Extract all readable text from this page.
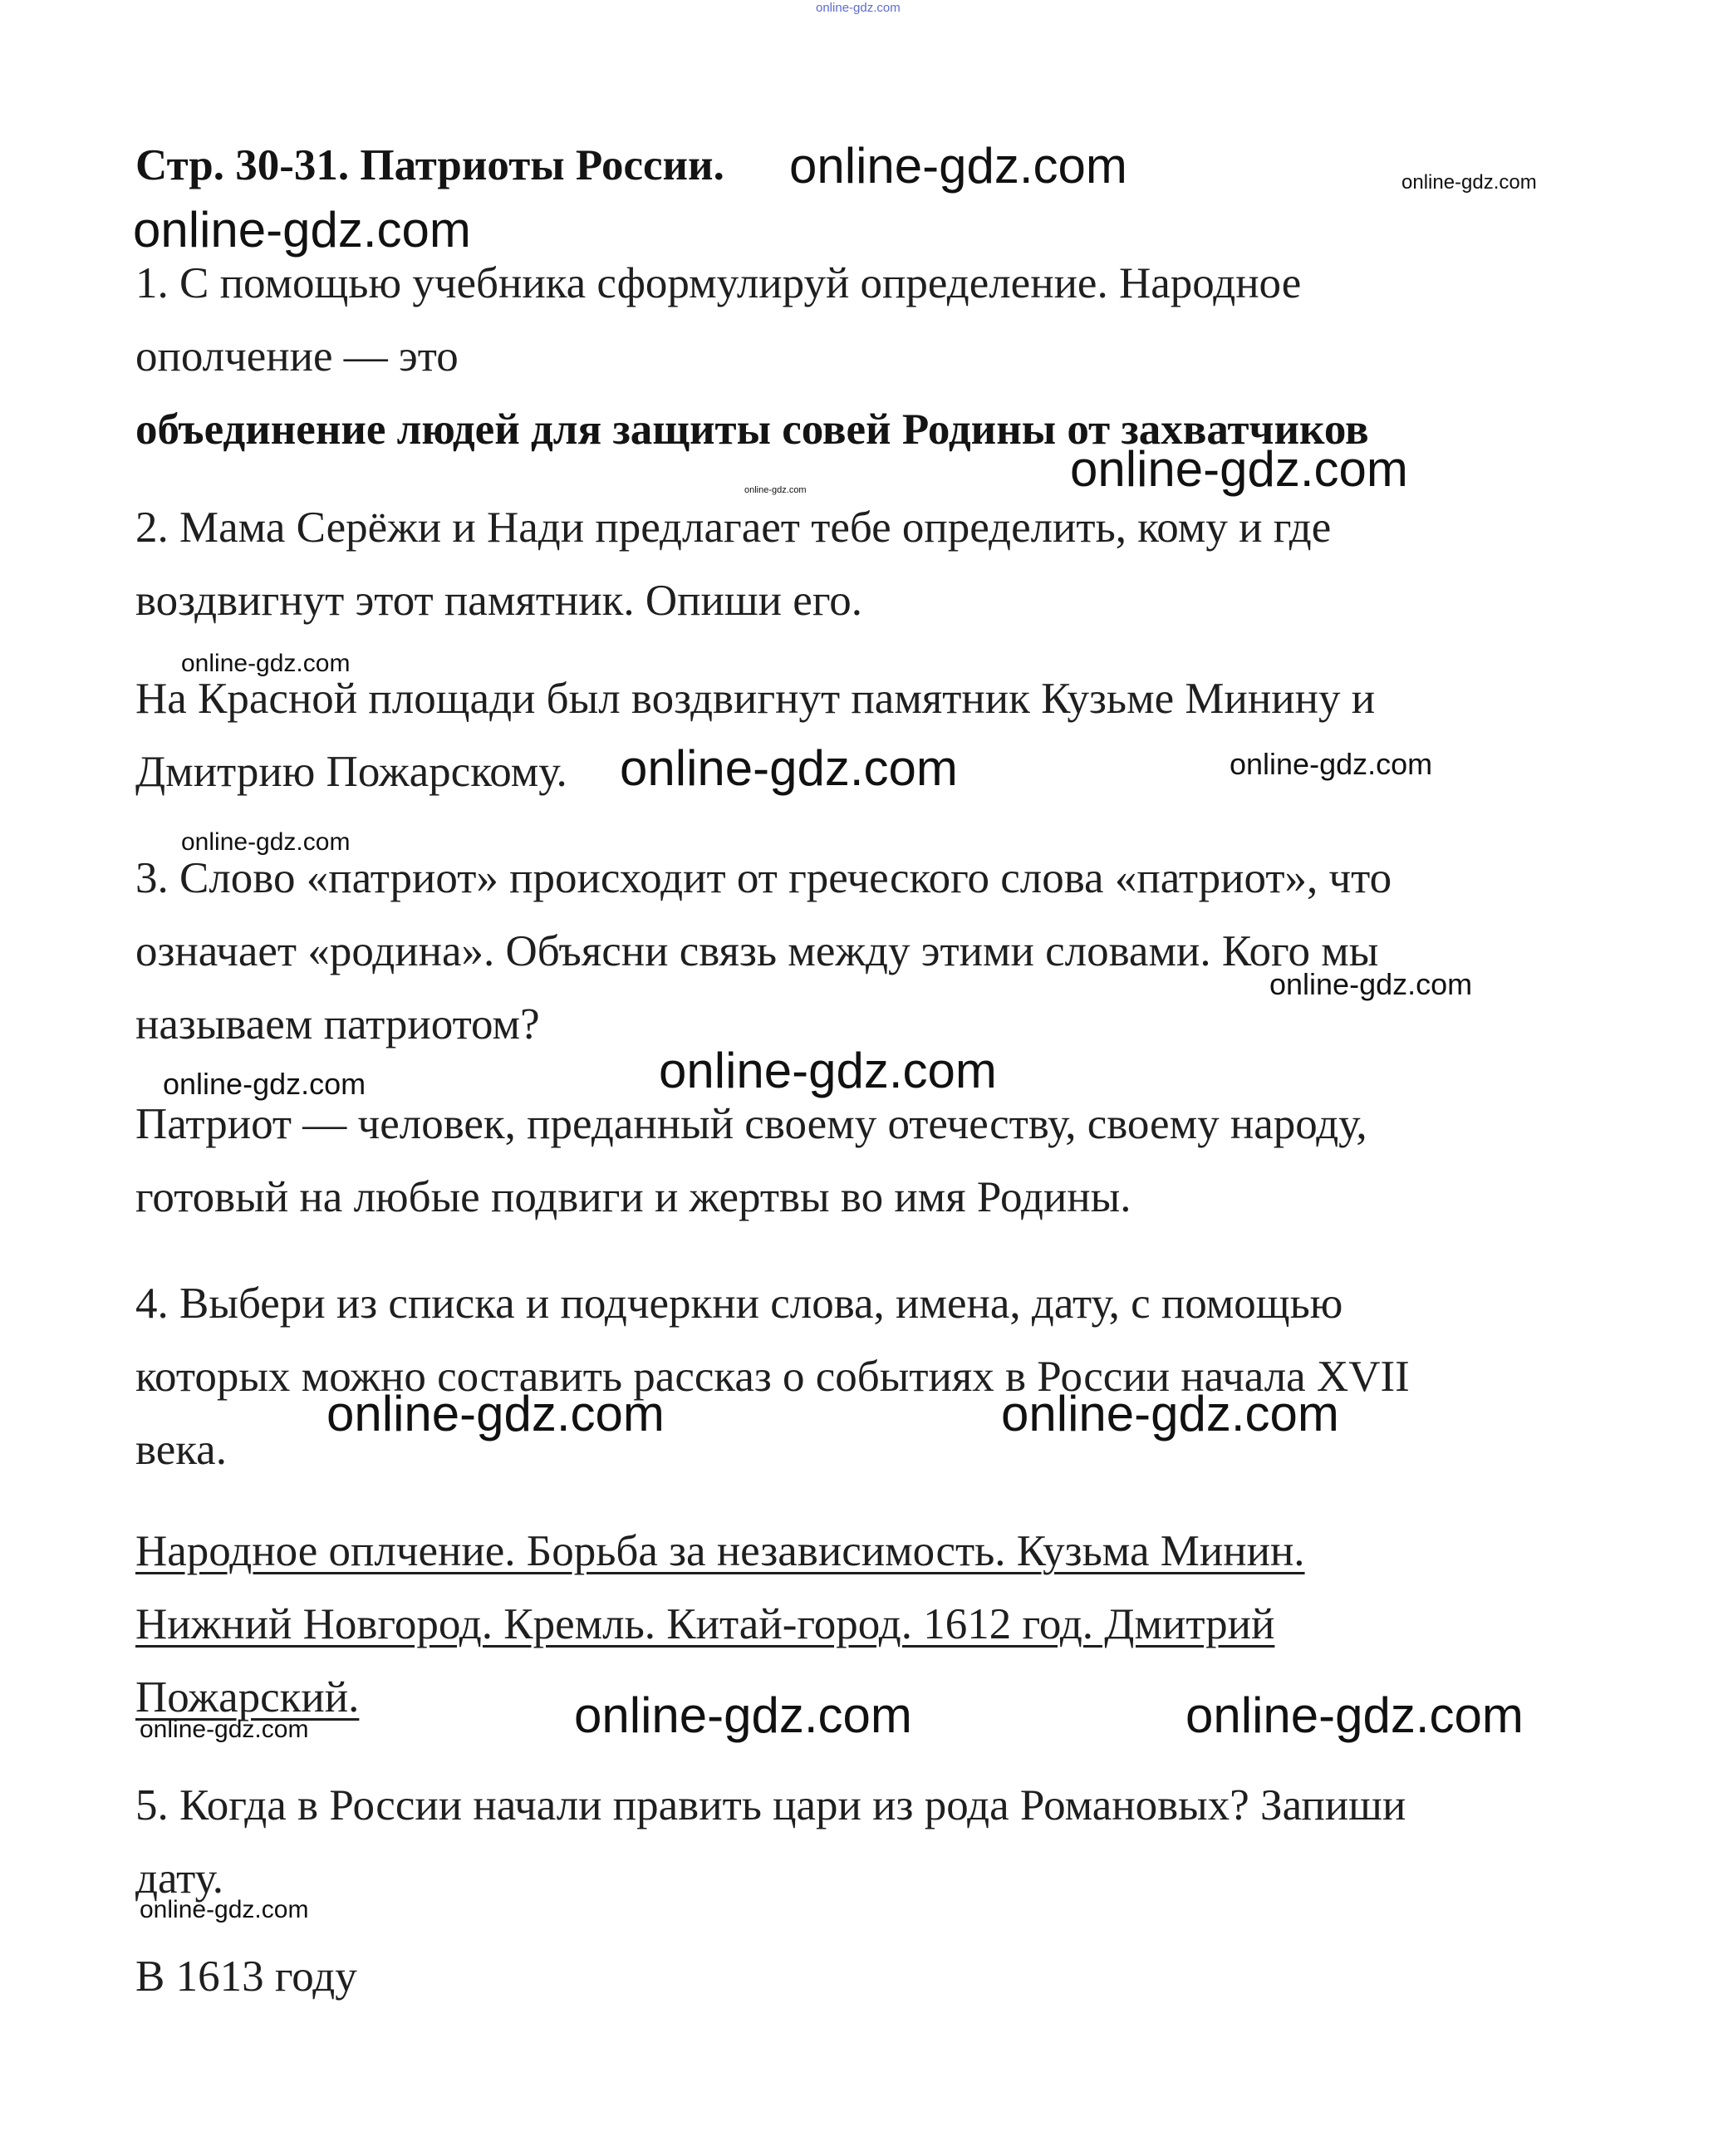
Стр. 30-31. Патриоты России.
1. С помощью учебника сформулируй определение. Народное
ополчение — это
объединение людей для защиты совей Родины от захватчиков
2. Мама Серёжи и Нади предлагает тебе определить, кому и где
воздвигнут этот памятник. Опиши его.
На Красной площади был воздвигнут памятник Кузьме Минину и
Дмитрию Пожарскому.
3. Слово «патриот» происходит от греческого слова «патриот», что
означает «родина». Объясни связь между этими словами. Кого мы
называем патриотом?
Патриот — человек, преданный своему отечеству, своему народу,
готовый на любые подвиги и жертвы во имя Родины.
4. Выбери из списка и подчеркни слова, имена, дату, с помощью
которых можно составить рассказ о событиях в России начала XVII
века.
Народное оплчение. Борьба за независимость. Кузьма Минин.
Нижний Новгород. Кремль. Китай-город. 1612 год. Дмитрий
Пожарский.
5. Когда в России начали править цари из рода Романовых? Запиши
дату.
В 1613 году
online-gdz.com
online-gdz.com	online-gdz.com
online-gdz.com
online-gdz.com
online-gdz.com
online-gdz.com
online-gdz.com	online-gdz.com
online-gdz.com
online-gdz.com
online-gdz.com	online-gdz.com
online-gdz.com	online-gdz.com
online-gdz.com	online-gdz.com	online-gdz.com
online-gdz.com
